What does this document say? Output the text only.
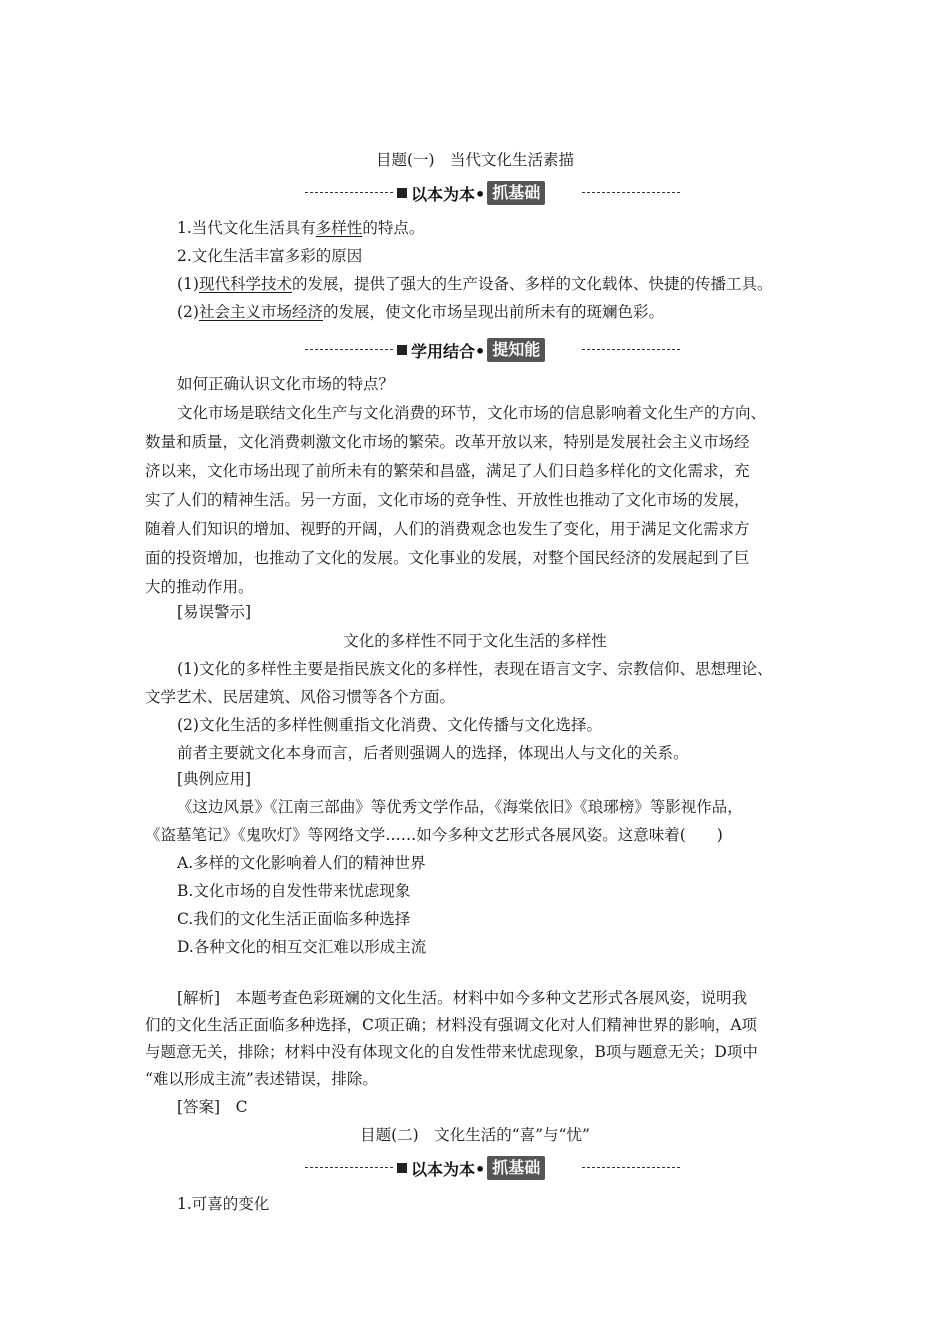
目题(一)　当代文化生活素描
以本为本• 抓基础
1.当代文化生活具有多样性的特点。
2.文化生活丰富多彩的原因
(1)现代科学技术的发展，提供了强大的生产设备、多样的文化载体、快捷的传播工具。
(2)社会主义市场经济的发展，使文化市场呈现出前所未有的斑斓色彩。
学用结合• 提知能
如何正确认识文化市场的特点？
文化市场是联结文化生产与文化消费的环节，文化市场的信息影响着文化生产的方向、
数量和质量，文化消费刺激文化市场的繁荣。改革开放以来，特别是发展社会主义市场经
济以来，文化市场出现了前所未有的繁荣和昌盛，满足了人们日趋多样化的文化需求，充
实了人们的精神生活。另一方面，文化市场的竞争性、开放性也推动了文化市场的发展，
随着人们知识的增加、视野的开阔，人们的消费观念也发生了变化，用于满足文化需求方
面的投资增加，也推动了文化的发展。文化事业的发展，对整个国民经济的发展起到了巨
大的推动作用。
[易误警示]
文化的多样性不同于文化生活的多样性
(1)文化的多样性主要是指民族文化的多样性，表现在语言文字、宗教信仰、思想理论、
文学艺术、民居建筑、风俗习惯等各个方面。
(2)文化生活的多样性侧重指文化消费、文化传播与文化选择。
前者主要就文化本身而言，后者则强调人的选择，体现出人与文化的关系。
[典例应用]
《这边风景》《江南三部曲》等优秀文学作品，《海棠依旧》《琅琊榜》等影视作品，
《盗墓笔记》《鬼吹灯》等网络文学……如今多种文艺形式各展风姿。这意味着(　　)
A.多样的文化影响着人们的精神世界
B.文化市场的自发性带来忧虑现象
C.我们的文化生活正面临多种选择
D.各种文化的相互交汇难以形成主流
[解析]　本题考查色彩斑斓的文化生活。材料中如今多种文艺形式各展风姿，说明我
们的文化生活正面临多种选择，C项正确；材料没有强调文化对人们精神世界的影响，A项
与题意无关，排除；材料中没有体现文化的自发性带来忧虑现象，B项与题意无关；D项中
“难以形成主流”表述错误，排除。
[答案]　C
目题(二)　文化生活的“喜”与“忧”
以本为本• 抓基础
1.可喜的变化
